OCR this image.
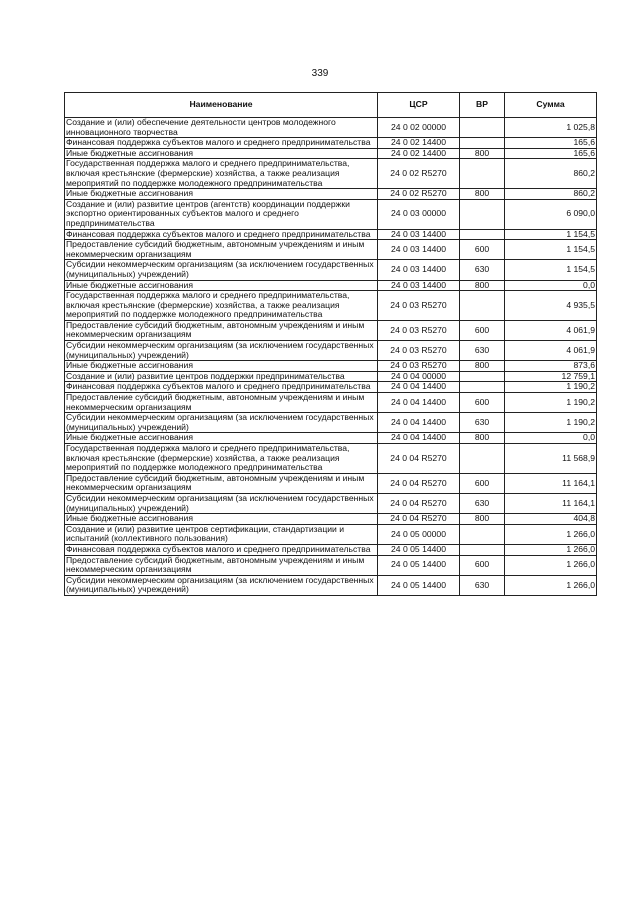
339
Наименование	ЦСР	ВР	Сумма
Создание и (или) обеспечение деятельности центров молодежного инновационного творчества	24 0 02 00000		1 025,8
Финансовая поддержка субъектов малого и среднего предпринимательства	24 0 02 14400		165,6
Иные бюджетные ассигнования	24 0 02 14400	800	165,6
Государственная поддержка малого и среднего предпринимательства, включая крестьянские (фермерские) хозяйства, а также реализация мероприятий по поддержке молодежного предпринимательства	24 0 02 R5270		860,2
Иные бюджетные ассигнования	24 0 02 R5270	800	860,2
Создание и (или) развитие центров (агентств) координации поддержки экспортно ориентированных субъектов малого и среднего предпринимательства	24 0 03 00000		6 090,0
Финансовая поддержка субъектов малого и среднего предпринимательства	24 0 03 14400		1 154,5
Предоставление субсидий бюджетным, автономным учреждениям и иным некоммерческим организациям	24 0 03 14400	600	1 154,5
Субсидии некоммерческим организациям (за исключением государственных (муниципальных) учреждений)	24 0 03 14400	630	1 154,5
Иные бюджетные ассигнования	24 0 03 14400	800	0,0
Государственная поддержка малого и среднего предпринимательства, включая крестьянские (фермерские) хозяйства, а также реализация мероприятий по поддержке молодежного предпринимательства	24 0 03 R5270		4 935,5
Предоставление субсидий бюджетным, автономным учреждениям и иным некоммерческим организациям	24 0 03 R5270	600	4 061,9
Субсидии некоммерческим организациям (за исключением государственных (муниципальных) учреждений)	24 0 03 R5270	630	4 061,9
Иные бюджетные ассигнования	24 0 03 R5270	800	873,6
Создание и (или) развитие центров поддержки предпринимательства	24 0 04 00000		12 759,1
Финансовая поддержка субъектов малого и среднего предпринимательства	24 0 04 14400		1 190,2
Предоставление субсидий бюджетным, автономным учреждениям и иным некоммерческим организациям	24 0 04 14400	600	1 190,2
Субсидии некоммерческим организациям (за исключением государственных (муниципальных) учреждений)	24 0 04 14400	630	1 190,2
Иные бюджетные ассигнования	24 0 04 14400	800	0,0
Государственная поддержка малого и среднего предпринимательства, включая крестьянские (фермерские) хозяйства, а также реализация мероприятий по поддержке молодежного предпринимательства	24 0 04 R5270		11 568,9
Предоставление субсидий бюджетным, автономным учреждениям и иным некоммерческим организациям	24 0 04 R5270	600	11 164,1
Субсидии некоммерческим организациям (за исключением государственных (муниципальных) учреждений)	24 0 04 R5270	630	11 164,1
Иные бюджетные ассигнования	24 0 04 R5270	800	404,8
Создание и (или) развитие центров сертификации, стандартизации и испытаний (коллективного пользования)	24 0 05 00000		1 266,0
Финансовая поддержка субъектов малого и среднего предпринимательства	24 0 05 14400		1 266,0
Предоставление субсидий бюджетным, автономным учреждениям и иным некоммерческим организациям	24 0 05 14400	600	1 266,0
Субсидии некоммерческим организациям (за исключением государственных (муниципальных) учреждений)	24 0 05 14400	630	1 266,0
